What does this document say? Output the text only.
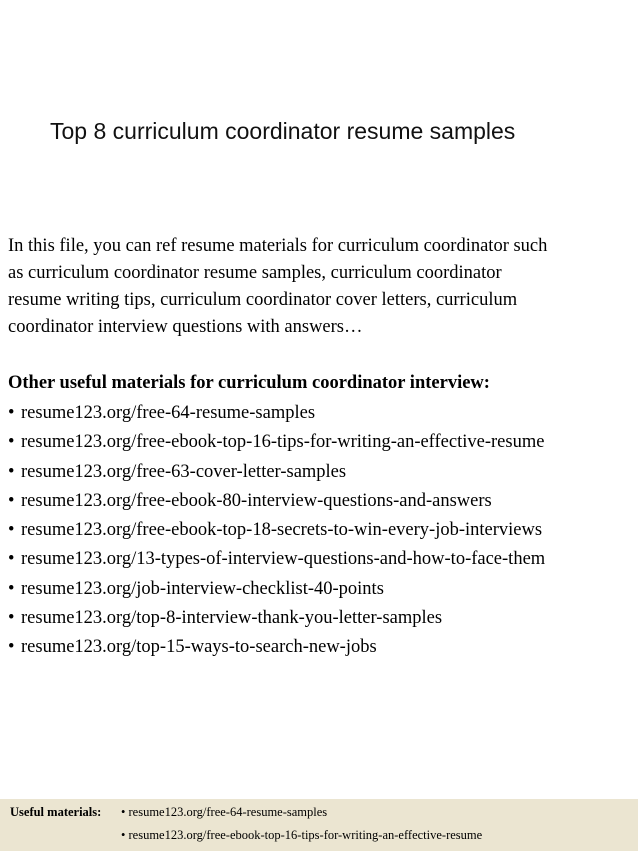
Top 8 curriculum coordinator resume samples
In this file, you can ref resume materials for curriculum coordinator such
as curriculum coordinator resume samples, curriculum coordinator
resume writing tips, curriculum coordinator cover letters, curriculum
coordinator interview questions with answers…
Other useful materials for curriculum coordinator interview:
• resume123.org/free-64-resume-samples
• resume123.org/free-ebook-top-16-tips-for-writing-an-effective-resume
• resume123.org/free-63-cover-letter-samples
• resume123.org/free-ebook-80-interview-questions-and-answers
• resume123.org/free-ebook-top-18-secrets-to-win-every-job-interviews
• resume123.org/13-types-of-interview-questions-and-how-to-face-them
• resume123.org/job-interview-checklist-40-points
• resume123.org/top-8-interview-thank-you-letter-samples
• resume123.org/top-15-ways-to-search-new-jobs
Useful materials: • resume123.org/free-64-resume-samples
• resume123.org/free-ebook-top-16-tips-for-writing-an-effective-resume
